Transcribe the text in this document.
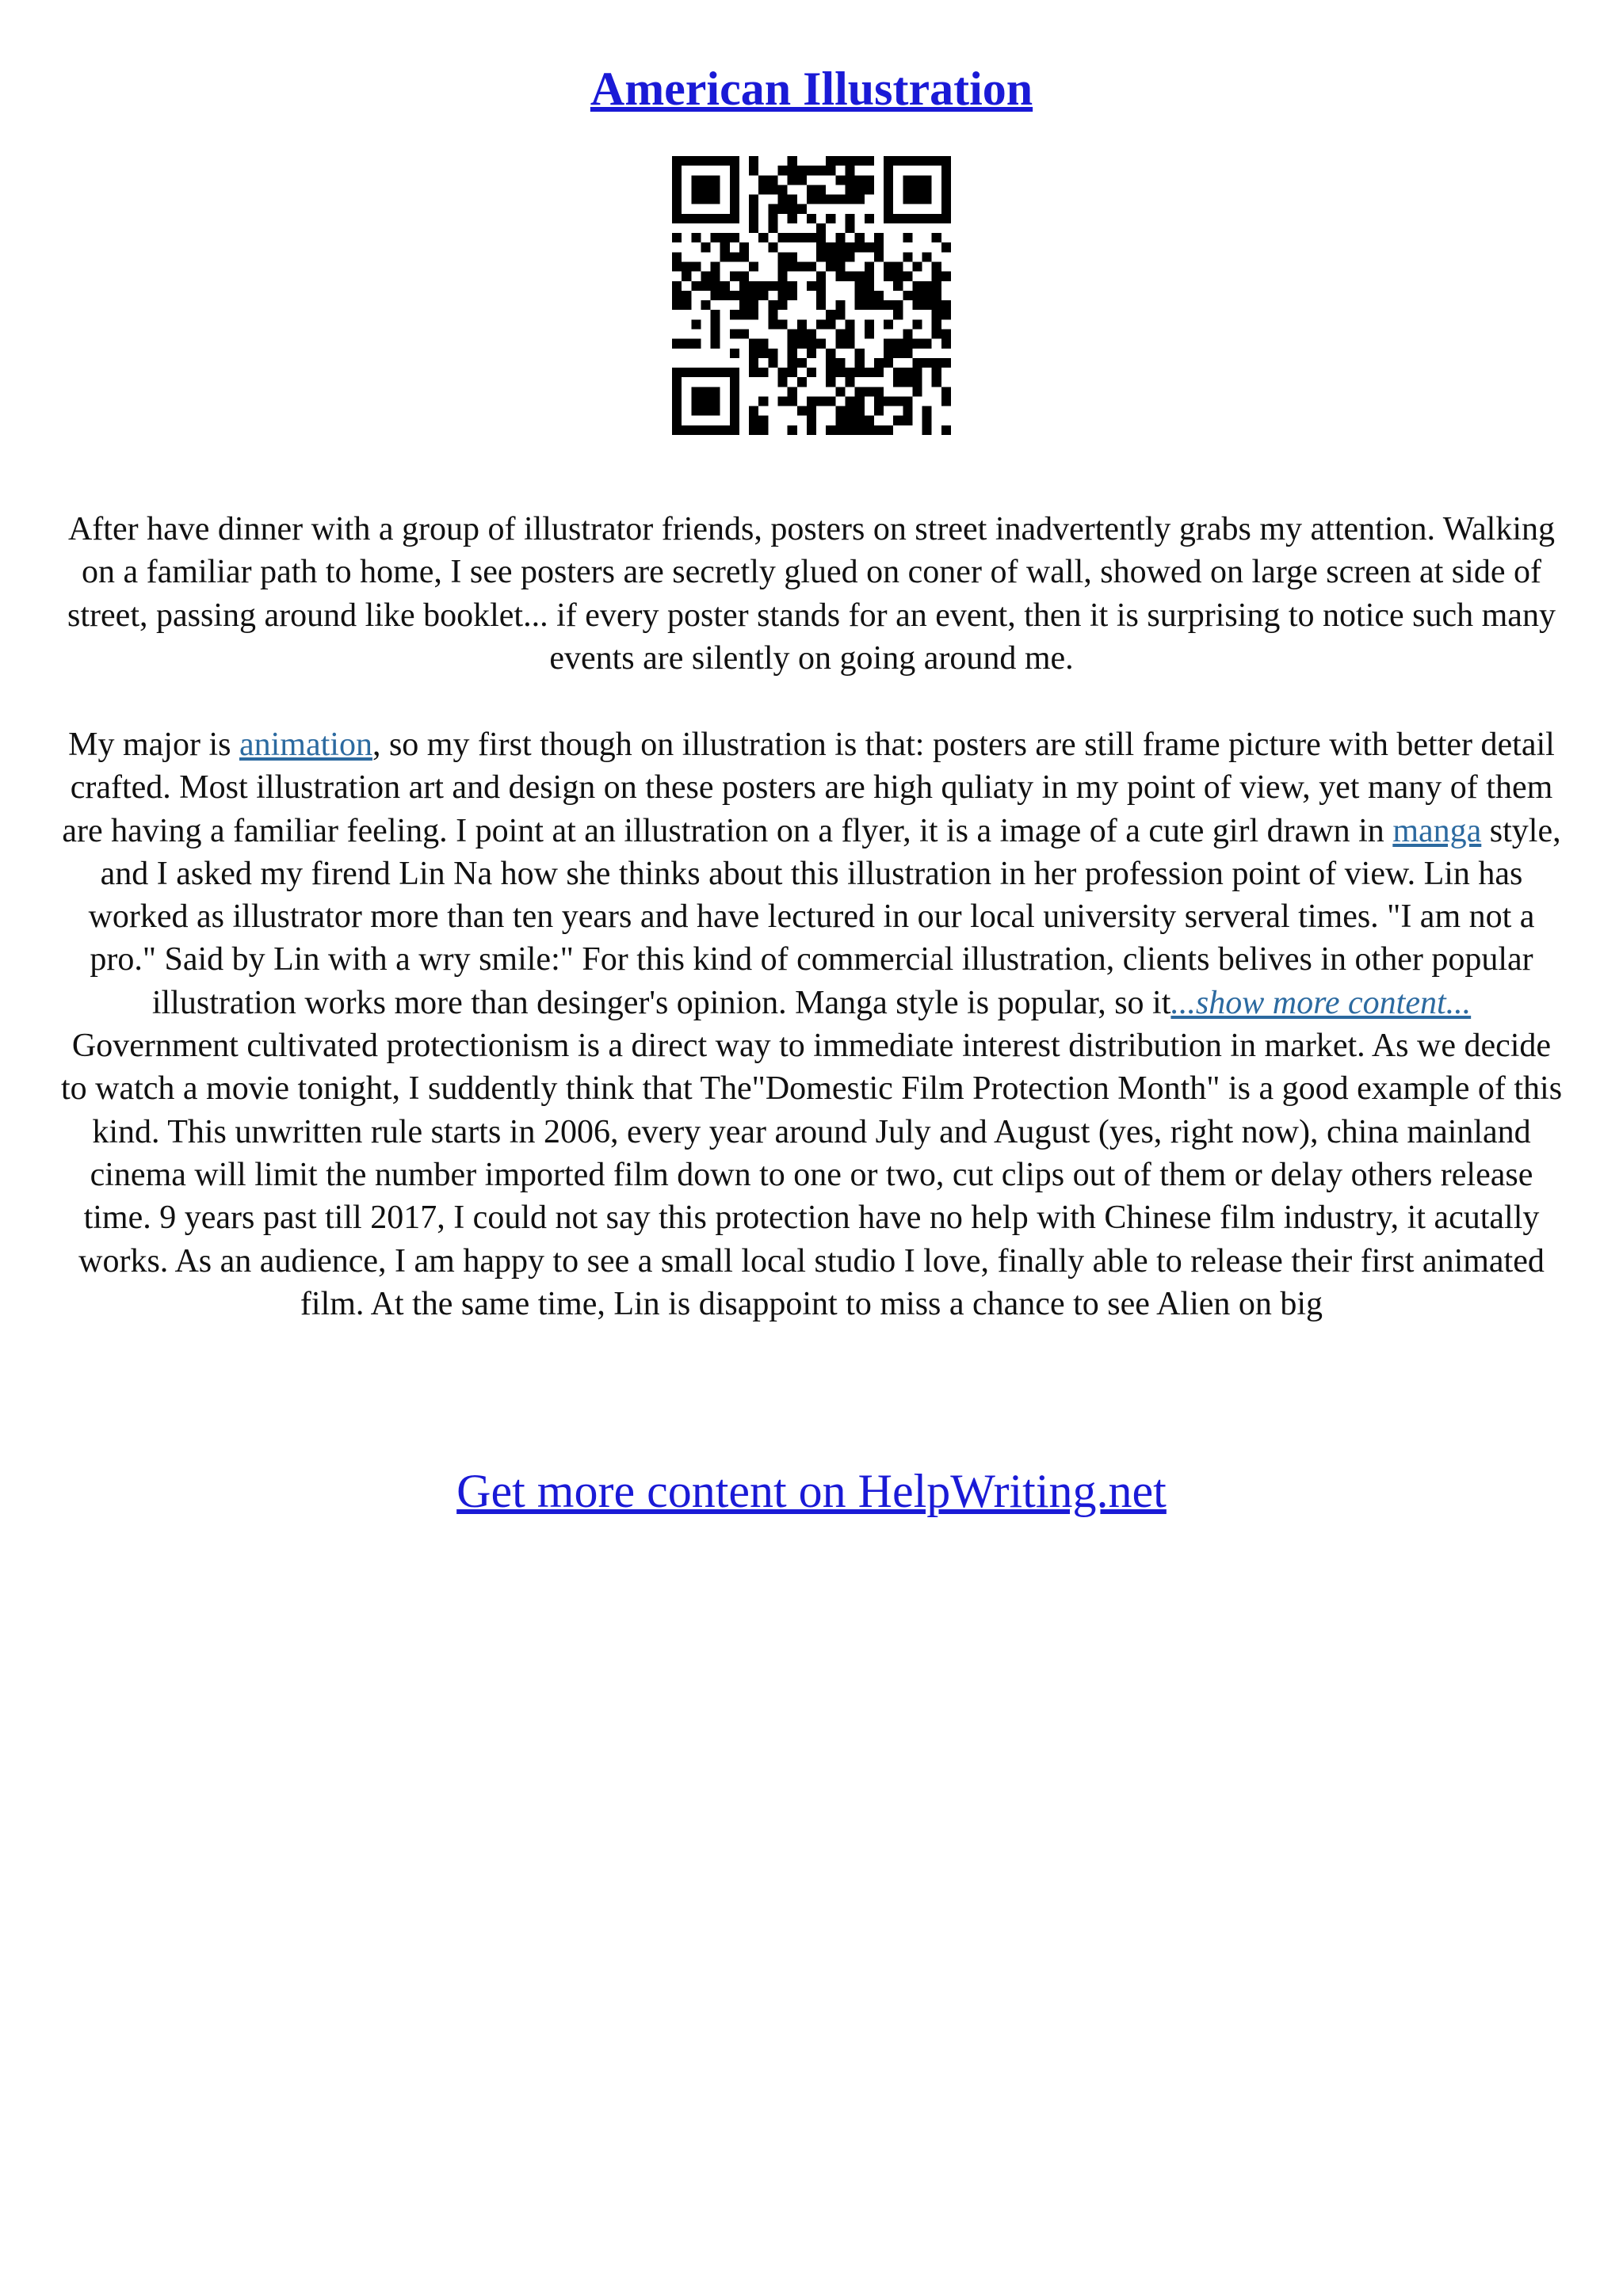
American Illustration
After have dinner with a group of illustrator friends, posters on street inadvertently grabs my attention. Walking on a familiar path to home, I see posters are secretly glued on coner of wall, showed on large screen at side of street, passing around like booklet... if every poster stands for an event, then it is surprising to notice such many events are silently on going around me.
My major is animation, so my first though on illustration is that: posters are still frame picture with better detail crafted. Most illustration art and design on these posters are high quliaty in my point of view, yet many of them are having a familiar feeling. I point at an illustration on a flyer, it is a image of a cute girl drawn in manga style, and I asked my firend Lin Na how she thinks about this illustration in her profession point of view. Lin has worked as illustrator more than ten years and have lectured in our local university serveral times. "I am not a pro." Said by Lin with a wry smile:" For this kind of commercial illustration, clients belives in other popular illustration works more than desinger's opinion. Manga style is popular, so it...show more content...
Government cultivated protectionism is a direct way to immediate interest distribution in market. As we decide to watch a movie tonight, I suddently think that The"Domestic Film Protection Month" is a good example of this kind. This unwritten rule starts in 2006, every year around July and August (yes, right now), china mainland cinema will limit the number imported film down to one or two, cut clips out of them or delay others release time. 9 years past till 2017, I could not say this protection have no help with Chinese film industry, it acutally works. As an audience, I am happy to see a small local studio I love, finally able to release their first animated film. At the same time, Lin is disappoint to miss a chance to see Alien on big
Get more content on HelpWriting.net
